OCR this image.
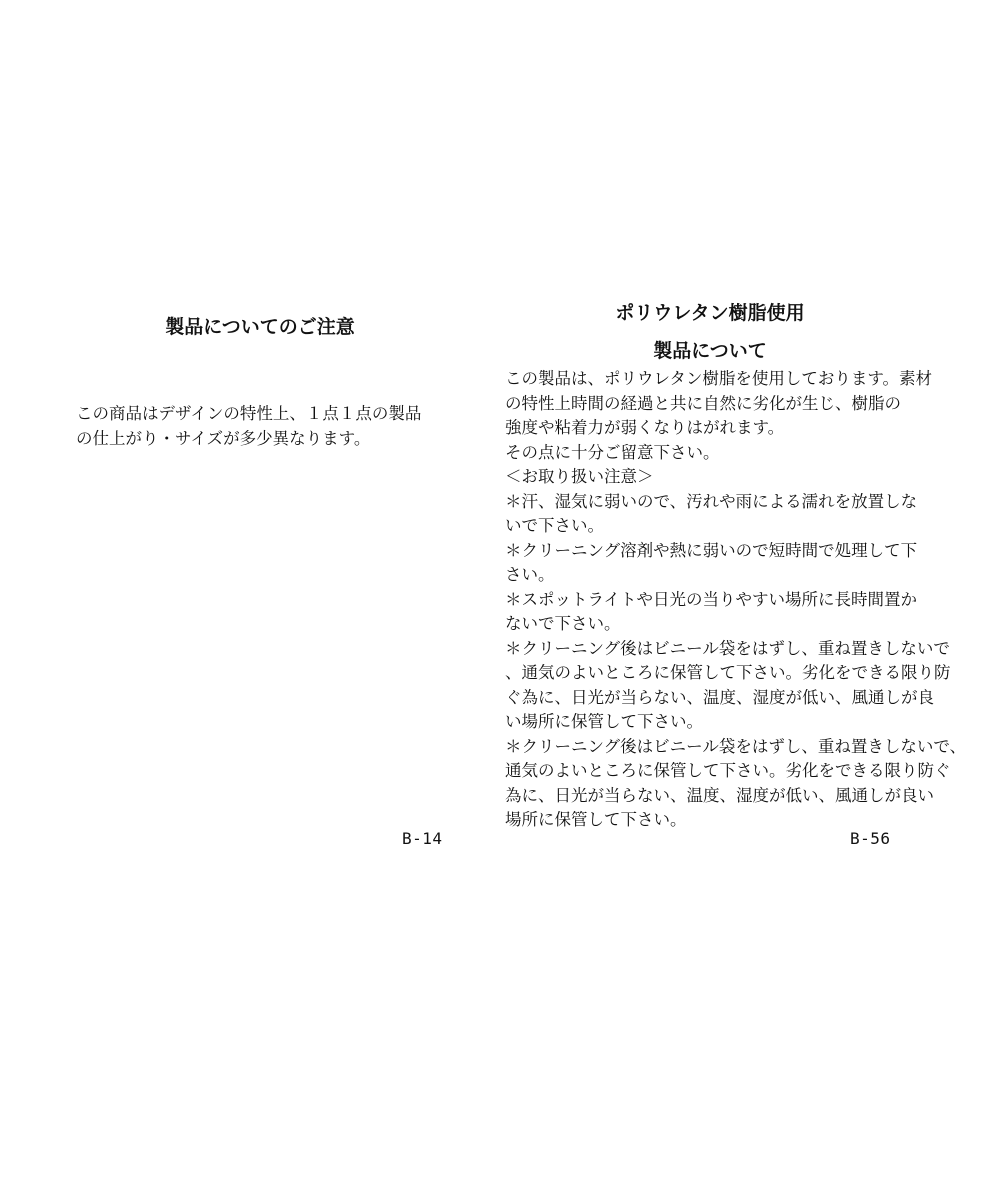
製品についてのご注意
この商品はデザインの特性上、１点１点の製品
の仕上がり・サイズが多少異なります。
B-14
ポリウレタン樹脂使用
製品について
この製品は、ポリウレタン樹脂を使用しております。素材
の特性上時間の経過と共に自然に劣化が生じ、樹脂の
強度や粘着力が弱くなりはがれます。
その点に十分ご留意下さい。
＜お取り扱い注意＞
＊汗、湿気に弱いので、汚れや雨による濡れを放置しな
いで下さい。
＊クリーニング溶剤や熱に弱いので短時間で処理して下
さい。
＊スポットライトや日光の当りやすい場所に長時間置か
ないで下さい。
＊クリーニング後はビニール袋をはずし、重ね置きしないで
、通気のよいところに保管して下さい。劣化をできる限り防
ぐ為に、日光が当らない、温度、湿度が低い、風通しが良
い場所に保管して下さい。
＊クリーニング後はビニール袋をはずし、重ね置きしないで、
通気のよいところに保管して下さい。劣化をできる限り防ぐ
為に、日光が当らない、温度、湿度が低い、風通しが良い
場所に保管して下さい。
B-56
